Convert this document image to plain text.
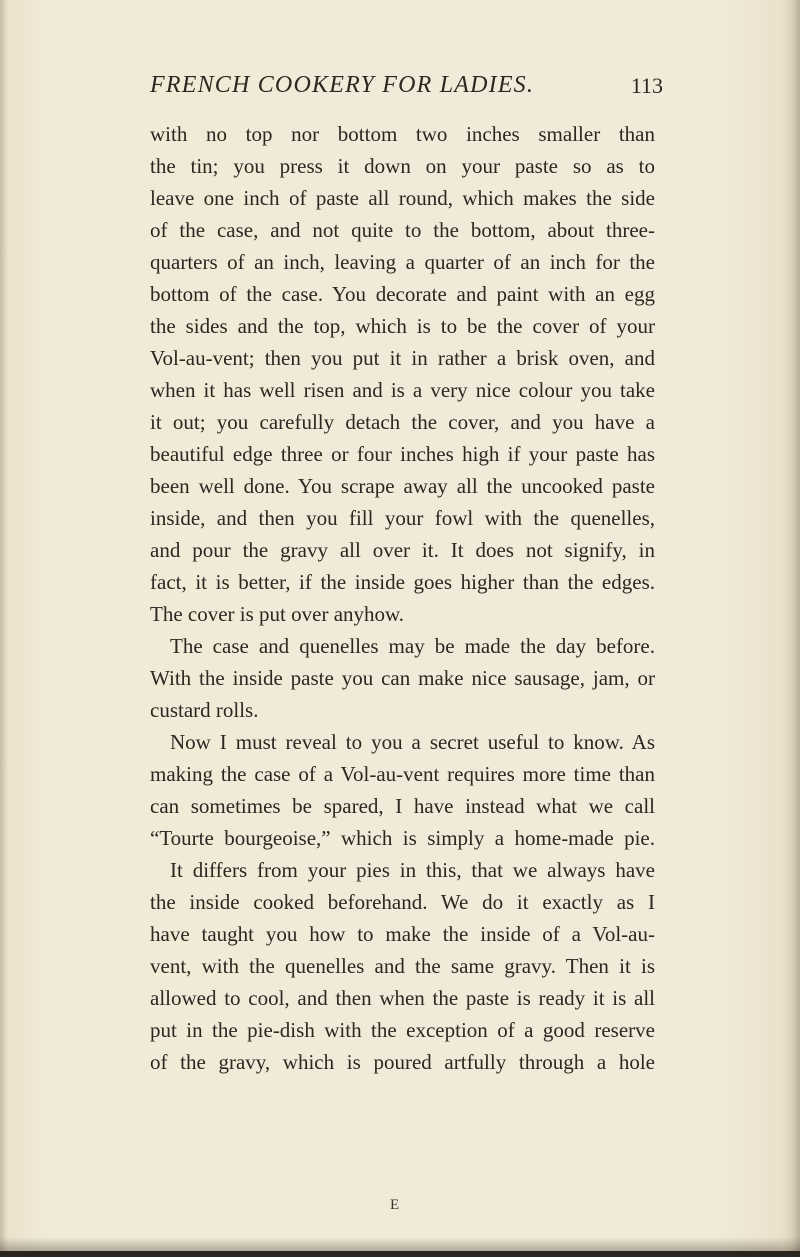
FRENCH COOKERY FOR LADIES.	113
with no top nor bottom two inches smaller than
the tin; you press it down on your paste so as to
leave one inch of paste all round, which makes the side
of the case, and not quite to the bottom, about three-
quarters of an inch, leaving a quarter of an inch for the
bottom of the case. You decorate and paint with an egg
the sides and the top, which is to be the cover of your
Vol-au-vent; then you put it in rather a brisk oven, and
when it has well risen and is a very nice colour you take
it out; you carefully detach the cover, and you have a
beautiful edge three or four inches high if your paste has
been well done. You scrape away all the uncooked paste
inside, and then you fill your fowl with the quenelles,
and pour the gravy all over it. It does not signify, in
fact, it is better, if the inside goes higher than the edges.
The cover is put over anyhow.
The case and quenelles may be made the day before.
With the inside paste you can make nice sausage, jam, or
custard rolls.
Now I must reveal to you a secret useful to know. As
making the case of a Vol-au-vent requires more time than
can sometimes be spared, I have instead what we call
“Tourte bourgeoise,” which is simply a home-made pie.
It differs from your pies in this, that we always have
the inside cooked beforehand. We do it exactly as I
have taught you how to make the inside of a Vol-au-
vent, with the quenelles and the same gravy. Then it is
allowed to cool, and then when the paste is ready it is all
put in the pie-dish with the exception of a good reserve
of the gravy, which is poured artfully through a hole
E
